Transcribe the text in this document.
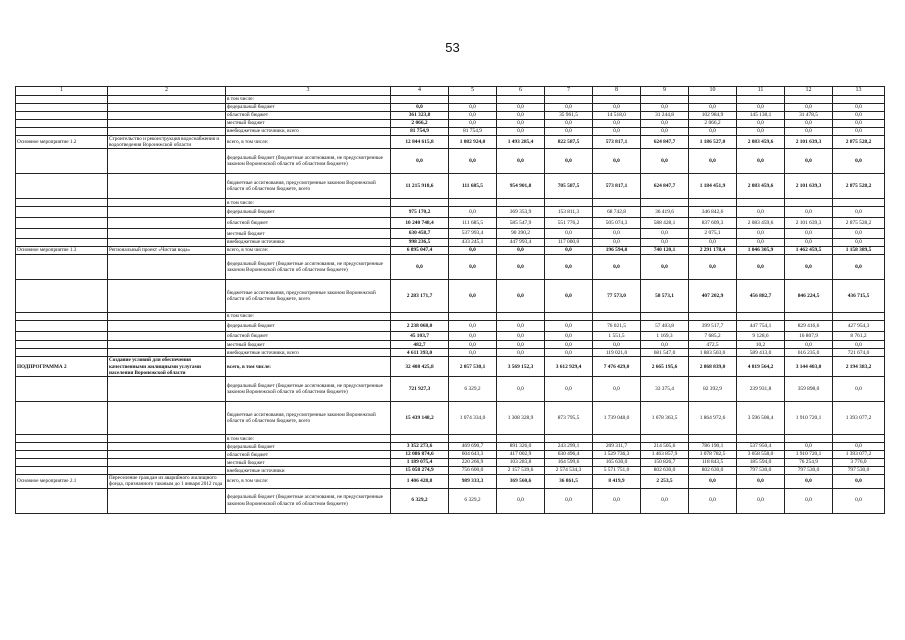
53
1	2	3	4	5	6	7	8	9	10	11	12	13
		в том числе:										
		федеральный бюджет	0,0	0,0	0,0	0,0	0,0	0,0	0,0	0,0	0,0	0,0
		областной бюджет	361 323,8	0,0	0,0	35 961,5	14 518,0	31 244,8	102 984,9	145 138,1	31 478,5	0,0
		местный бюджет	2 066,2	0,0	0,0	0,0	0,0	0,0	2 066,2	0,0	0,0	0,0
		внебюджетные источники, всего	81 754,9	81 754,9	0,0	0,0	0,0	0,0	0,0	0,0	0,0	0,0
Основное мероприятие 1.2	Строительство и реконструкция водоснабжения и водоотведения Воронежской области	всего, в том числе:	12 844 615,8	1 082 924,0	1 493 285,4	822 587,5	573 817,1	624 847,7	1 186 527,0	2 083 459,6	2 101 639,3	2 875 528,2
		федеральный бюджет (бюджетные ассигнования, не предусмотренные законом Воронежской области об областном бюджете)	0,0	0,0	0,0	0,0	0,0	0,0	0,0	0,0	0,0	0,0
		бюджетные ассигнования, предусмотренные законом Воронежской области об областном бюджете, всего	11 215 918,6	111 685,5	954 901,8	705 587,5	573 817,1	624 847,7	1 184 451,9	2 083 459,6	2 101 639,3	2 875 528,2
		в том числе:										
		федеральный бюджет	975 170,2	0,0	369 353,9	153 811,3	68 742,8	36 419,6	346 842,6	0,0	0,0	0,0
		областной бюджет	10 240 748,4	111 685,5	585 547,9	551 776,2	505 074,3	588 428,1	837 609,3	2 083 459,6	2 101 639,3	2 875 528,2
		местный бюджет	630 458,7	537 993,4	90 390,2	0,0	0,0	0,0	2 075,1	0,0	0,0	0,0
		внебюджетные источники	998 236,5	433 245,1	447 993,4	117 000,0	0,0	0,0	0,0	0,0	0,0	0,0
Основное мероприятие 1.3	Региональный проект «Чистая вода»	всего, в том числе:	6 895 047,4	0,0	0,0	0,0	196 594,0	740 120,1	2 291 178,4	1 046 305,9	1 462 459,5	1 158 389,5
		федеральный бюджет (бюджетные ассигнования, не предусмотренные законом Воронежской области об областном бюджете)	0,0	0,0	0,0	0,0	0,0	0,0	0,0	0,0	0,0	0,0
		бюджетные ассигнования, предусмотренные законом Воронежской области об областном бюджете, всего	2 283 171,7	0,0	0,0	0,0	77 573,0	58 573,1	407 202,9	456 882,7	846 224,5	436 715,5
		в том числе:										
		федеральный бюджет	2 238 068,0	0,0	0,0	0,0	76 021,5	57 403,8	399 517,7	447 754,1	829 416,6	427 954,3
		областной бюджет	45 103,7	0,0	0,0	0,0	1 551,5	1 169,3	7 685,2	9 128,6	16 807,9	8 761,2
		местный бюджет	482,7	0,0	0,0	0,0	0,0	0,0	472,5	10,2	0,0	0,0
		внебюджетные источники, всего	4 611 393,0	0,0	0,0	0,0	119 021,0	681 547,0	1 883 503,0	589 413,0	616 235,0	721 674,0
ПОДПРОГРАММА 2	Создание условий для обеспечения качественными жилищными услугами населения Воронежской области	всего, в том числе:	32 408 425,8	2 057 530,1	3 569 152,3	3 612 929,4	7 476 429,0	2 665 195,6	2 868 839,0	4 819 564,2	3 144 403,0	2 194 383,2
		федеральный бюджет (бюджетные ассигнования, не предусмотренные законом Воронежской области об областном бюджете)	721 927,3	6 329,2	0,0	0,0	0,0	33 375,4	82 392,9	239 931,8	359 898,0	0,0
		бюджетные ассигнования, предусмотренные законом Воронежской области об областном бюджете, всего	15 439 148,2	1 074 334,0	1 308 328,9	873 795,5	1 739 048,0	1 678 363,5	1 864 972,6	3 596 508,4	1 910 720,1	1 393 077,2
		в том числе:										
		федеральный бюджет	3 352 273,6	469 690,7	891 326,0	243 299,1	209 311,7	214 505,6	786 190,1	537 950,4	0,0	0,0
		областной бюджет	12 086 874,6	604 643,3	417 002,9	630 496,4	1 529 736,3	1 463 857,9	1 078 782,5	3 058 558,0	1 910 720,1	1 393 077,2
		местный бюджет	1 189 075,4	220 266,9	103 283,8	164 599,6	165 630,0	150 826,7	118 843,5	185 594,0	76 254,9	3 776,0
		внебюджетные источники	15 058 274,9	756 600,0	2 157 539,6	2 574 534,3	5 571 751,0	802 630,0	802 630,0	797 530,0	797 530,0	797 530,0
Основное мероприятие 2.1	Переселение граждан из аварийного жилищного фонда, признанного таковым до 1 января 2012 года	всего, в том числе:	1 406 428,8	989 333,3	369 560,6	36 861,5	8 419,9	2 253,5	0,0	0,0	0,0	0,0
		федеральный бюджет (бюджетные ассигнования, не предусмотренные законом Воронежской области об областном бюджете)	6 329,2	6 329,2	0,0	0,0	0,0	0,0	0,0	0,0	0,0	0,0
